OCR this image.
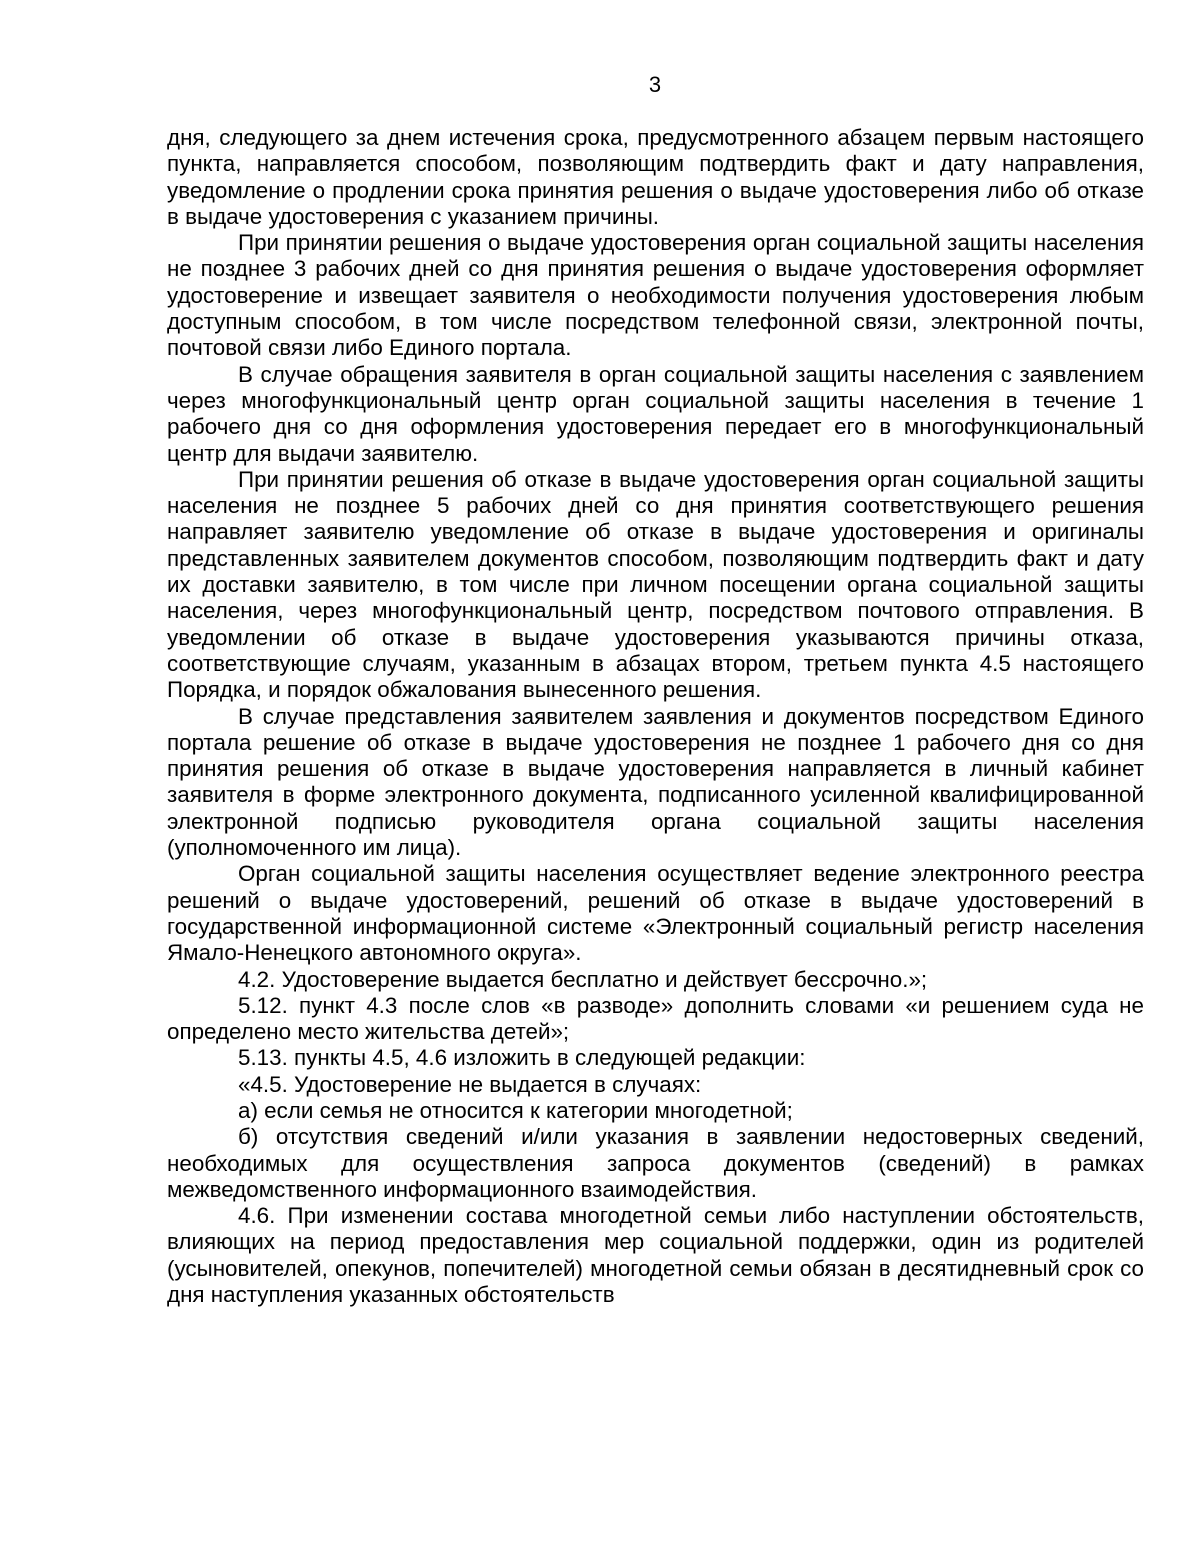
3

дня, следующего за днем истечения срока, предусмотренного абзацем первым настоящего пункта, направляется способом, позволяющим подтвердить факт и дату направления, уведомление о продлении срока принятия решения о выдаче удостоверения либо об отказе в выдаче удостоверения с указанием причины.

При принятии решения о выдаче удостоверения орган социальной защиты населения не позднее 3 рабочих дней со дня принятия решения о выдаче удостоверения оформляет удостоверение и извещает заявителя о необходимости получения удостоверения любым доступным способом, в том числе посредством телефонной связи, электронной почты, почтовой связи либо Единого портала.

В случае обращения заявителя в орган социальной защиты населения с заявлением через многофункциональный центр орган социальной защиты населения в течение 1 рабочего дня со дня оформления удостоверения передает его в многофункциональный центр для выдачи заявителю.

При принятии решения об отказе в выдаче удостоверения орган социальной защиты населения не позднее 5 рабочих дней со дня принятия соответствующего решения направляет заявителю уведомление об отказе в выдаче удостоверения и оригиналы представленных заявителем документов способом, позволяющим подтвердить факт и дату их доставки заявителю, в том числе при личном посещении органа социальной защиты населения, через многофункциональный центр, посредством почтового отправления. В уведомлении об отказе в выдаче удостоверения указываются причины отказа, соответствующие случаям, указанным в абзацах втором, третьем пункта 4.5 настоящего Порядка, и порядок обжалования вынесенного решения.

В случае представления заявителем заявления и документов посредством Единого портала решение об отказе в выдаче удостоверения не позднее 1 рабочего дня со дня принятия решения об отказе в выдаче удостоверения направляется в личный кабинет заявителя в форме электронного документа, подписанного усиленной квалифицированной электронной подписью руководителя органа социальной защиты населения (уполномоченного им лица).

Орган социальной защиты населения осуществляет ведение электронного реестра решений о выдаче удостоверений, решений об отказе в выдаче удостоверений в государственной информационной системе «Электронный социальный регистр населения Ямало-Ненецкого автономного округа».

4.2. Удостоверение выдается бесплатно и действует бессрочно.»;

5.12. пункт 4.3 после слов «в разводе» дополнить словами «и решением суда не определено место жительства детей»;

5.13. пункты 4.5, 4.6 изложить в следующей редакции:

«4.5. Удостоверение не выдается в случаях:

а) если семья не относится к категории многодетной;

б) отсутствия сведений и/или указания в заявлении недостоверных сведений, необходимых для осуществления запроса документов (сведений) в рамках межведомственного информационного взаимодействия.

4.6. При изменении состава многодетной семьи либо наступлении обстоятельств, влияющих на период предоставления мер социальной поддержки, один из родителей (усыновителей, опекунов, попечителей) многодетной семьи обязан в десятидневный срок со дня наступления указанных обстоятельств
